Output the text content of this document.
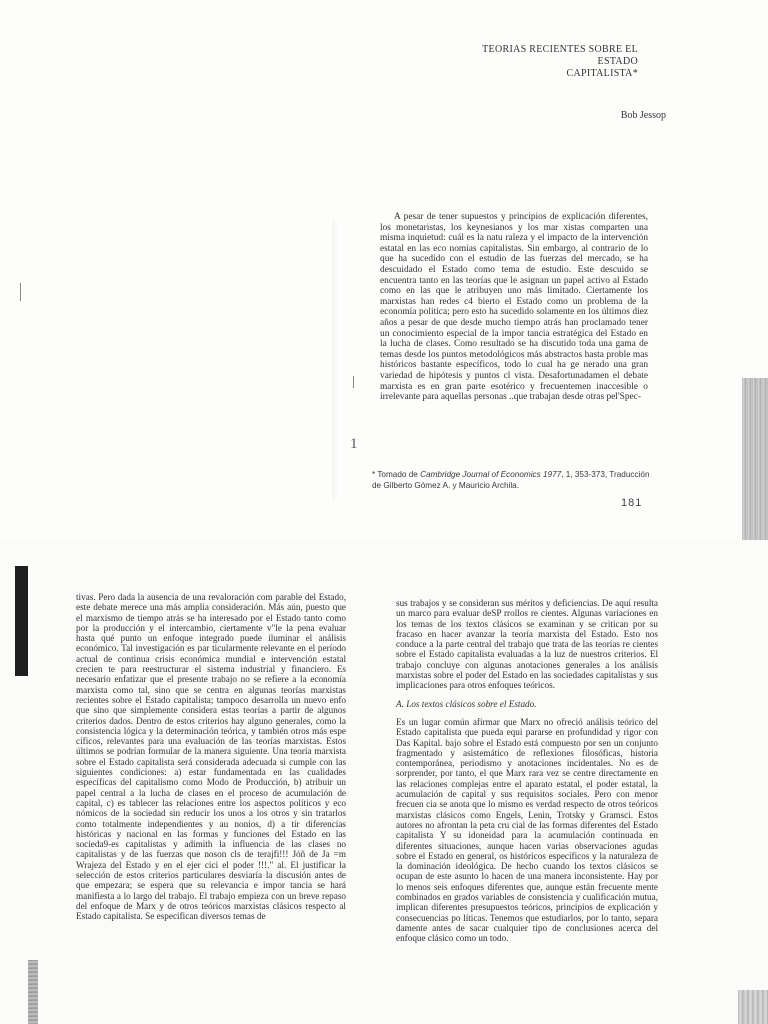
TEORIAS RECIENTES SOBRE EL
ESTADO
CAPITALISTA*
Bob Jessop
1

A pesar de tener supuestos y principios de explicación diferentes, los monetaristas, los keynesianos y los mar xistas comparten una misma inquietud: cuál es la natu raleza y el impacto de la intervención estatal en las eco nomías capitalistas. Sin embargo, al contrario de lo que ha sucedido con el estudio de las fuerzas del mercado, se ha descuidado el Estado como tema de estudio. Este descuido se encuentra tanto en las teorías que le asignan un papel activo al Estado como en las que le atribuyen uno más limitado. Ciertamente los marxistas han redes c4 bierto el Estado como un problema de la economía política; pero esto ha sucedido solamente en los últimos diez años a pesar de que desde mucho tiempo atrás han proclamado tener un conocimiento especial de la impor tancia estratégica del Estado en la lucha de clases. Como resultado se ha discutido toda una gama de temas desde los puntos metodológicos más abstractos hasta proble mas históricos bastante específicos, todo lo cual ha ge nerado una gran variedad de hipótesis y puntos cl vista. Desafortunadamen el debate marxista es en gran parte esotérico y frecuentemen inaccesible o irrelevante para aquellas personas ..que trabajan desde otras pel'Spec-

* Tomado de Cambridge Journal of Economics 1977, 1, 353-373, Traducción de Gilberto Gómez A. y Mauricio Archila.
181
tivas. Pero dada la ausencia de una revaloración com parable del Estado, este debate merece una más amplia consideración. Más aún, puesto que el marxismo de tiempo atrás se ha interesado por el Estado tanto como por la producción y el intercambio, ciertamente v"le la pena evaluar hasta qué punto un enfoque integrado puede iluminar el análisis económico. Tal investigación es par ticularmente relevante en el período actual de continua crisis económica mundial e intervención estatal crecien te para reestructurar el sistema industrial y financiero. Es necesario enfatizar que el presente trabajo no se refiere a la economía marxista como tal, sino que se centra en algunas teorías marxistas recientes sobre el Estado capitalista; tampoco desarrolla un nuevo enfo que sino que simplemente considera estas teorías a partir de algunos criterios dados. Dentro de estos criterios hay alguno generales, como la consistencia lógica y la determinación teórica, y también otros más espe cíficos, relevantes para una evaluación de las teorías marxistas. Estos últimos se podrían formular de la manera siguiente. Una teoría marxista sobre el Estado capitalista será considerada adecuada si cumple con las siguientes condiciones: a) estar fundamentada en las cualidades específicas del capitalismo como Modo de Producción, b) atribuir un papel central a la lucha de clases en el proceso de acumulación de capital, c) es tablecer las relaciones entre los aspectos políticos y eco nómicos de la sociedad sin reducir los unos a los otros y sin tratarlos como totalmente independientes y au nonios, d) a tir diferencias históricas y nacional en las formas y funciones del Estado en las socieda9-es capitalistas y adimith la influencia de las clases no capitalistas y de las fuerzas que noson cls de terajfi!!! Jóñ de Ja =m Wrajeza del Estado y en el ejer cici el poder !!!." al. El justificar la selección de estos criterios particulares desviaría la discusión antes de que empezara; se espera que su relevancia e impor tancia se hará manifiesta a lo largo del trabajo. El trabajo empieza con un breve repaso del enfoque de Marx y de otros teóricos marxistas clásicos respecto al Estado capitalista. Se especifican diversos temas de
sus trabajos y se consideran sus méritos y deficiencias. De aquí resulta un marco para evaluar deSP rrollos re cientes. Algunas variaciones en los temas de los textos clásicos se examinan y se critican por su fracaso en hacer avanzar la teoría marxista del Estado. Esto nos conduce a la parte central del trabajo que trata de las teorías re cientes sobre el Estado capitalista evaluadas a la luz de nuestros criterios. El trabajo concluye con algunas anotaciones generales a los análisis marxistas sobre el poder del Estado en las sociedades capitalistas y sus implicaciones para otros enfoques teóricos.

A. Los textos clásicos sobre el Estado.

Es un lugar común afirmar que Marx no ofreció análisis teórico del Estado capitalista que pueda equi pararse en profundidad y rigor con Das Kapital. bajo sobre el Estado está compuesto por sen un conjunto fragmentado y asistemático de reflexiones filosóficas, historia contemporánea, periodismo y anotaciones incidentales. No es de sorprender, por tanto, el que Marx rara vez se centre directamente en las relaciones complejas entre el aparato estatal, el poder estatal, la acumulación de capital y sus requisitos sociales. Pero con menor frecuen cia se anota que lo mismo es verdad respecto de otros teóricos marxistas clásicos como Engels, Lenin, Trotsky y Gramsci. Estos autores no afrontan la peta cru cial de las formas diferentes del Estado capitalista Y su idoneidad para la acumulación continuada en diferentes situaciones, aunque hacen varias observaciones agudas sobre el Estado en general, os históricos específicos y la naturaleza de la dominación ideológica. De hecho cuando los textos clásicos se ocupan de este asunto lo hacen de una manera inconsistente. Hay por lo menos seis enfoques diferentes que, aunque están frecuente mente combinados en grados variables de consistencia y cualificación mutua, implican diferentes presupuestos teóricos, principios de explicación y consecuencias po líticas. Tenemos que estudiarlos, por lo tanto, separa damente antes de sacar cualquier tipo de conclusiones acerca del enfoque clásico como un todo.
